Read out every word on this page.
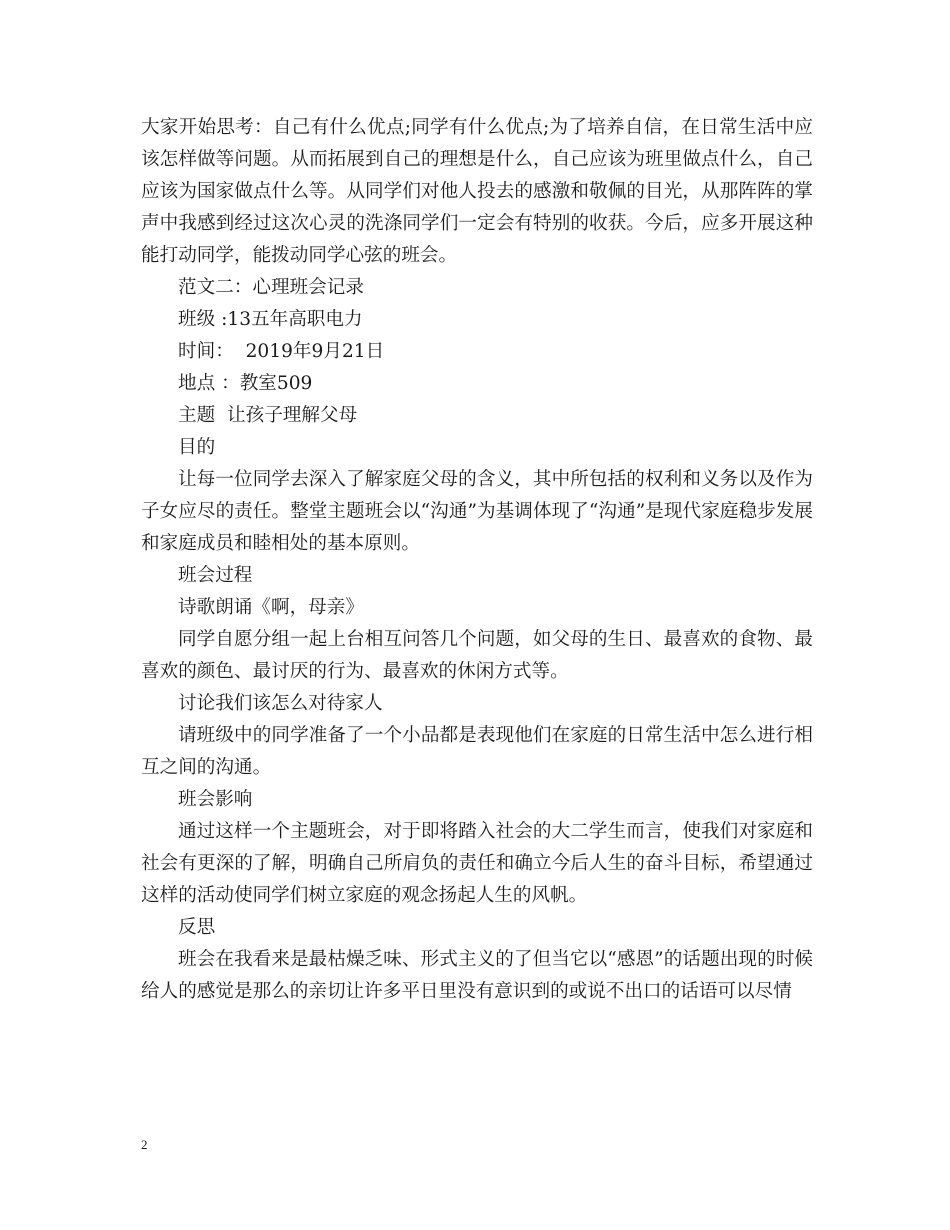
大家开始思考：自己有什么优点;同学有什么优点;为了培养自信，在日常生活中应该怎样做等问题。从而拓展到自己的理想是什么，自己应该为班里做点什么，自己应该为国家做点什么等。从同学们对他人投去的感激和敬佩的目光，从那阵阵的掌声中我感到经过这次心灵的洗涤同学们一定会有特别的收获。今后，应多开展这种能打动同学，能拨动同学心弦的班会。

范文二：心理班会记录

班级 :13五年高职电力

时间：  2019年9月21日

地点 ：教室509

主题  让孩子理解父母

目的

让每一位同学去深入了解家庭父母的含义，其中所包括的权利和义务以及作为子女应尽的责任。整堂主题班会以“沟通”为基调体现了“沟通”是现代家庭稳步发展和家庭成员和睦相处的基本原则。

班会过程

诗歌朗诵《啊，母亲》

同学自愿分组一起上台相互问答几个问题，如父母的生日、最喜欢的食物、最喜欢的颜色、最讨厌的行为、最喜欢的休闲方式等。

讨论我们该怎么对待家人

请班级中的同学准备了一个小品都是表现他们在家庭的日常生活中怎么进行相互之间的沟通。

班会影响

通过这样一个主题班会，对于即将踏入社会的大二学生而言，使我们对家庭和社会有更深的了解，明确自己所肩负的责任和确立今后人生的奋斗目标，希望通过这样的活动使同学们树立家庭的观念扬起人生的风帆。

反思

班会在我看来是最枯燥乏味、形式主义的了但当它以“感恩”的话题出现的时候给人的感觉是那么的亲切让许多平日里没有意识到的或说不出口的话语可以尽情

2
